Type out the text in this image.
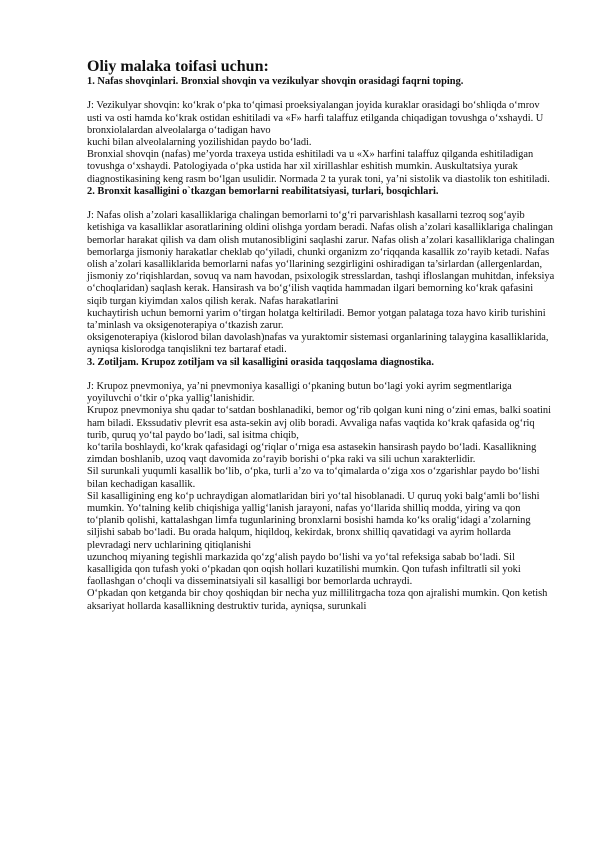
Oliy malaka toifasi uchun:

1. Nafas shovqinlari. Bronxial shovqin va vezikulyar shovqin orasidagi faqrni toping.

J: Vezikulyar shovqin: ko‘krak o‘pka to‘qimasi proeksiyalangan joyida kuraklar orasidagi bo‘shliqda o‘mrov usti va osti hamda ko‘krak ostidan eshitiladi va «F» harfi talaffuz etilganda chiqadigan tovushga o‘xshaydi. U bronxiolalardan alveolalarga o‘tadigan havo

kuchi bilan alveolalarning yozilishidan paydo bo‘ladi.

Bronxial shovqin (nafas) me’yorda traxeya ustida eshitiladi va u «X» harfini talaffuz qilganda eshitiladigan tovushga o‘xshaydi. Patologiyada o‘pka ustida har xil xirillashlar eshitish mumkin. Auskultatsiya yurak diagnostikasining keng rasm bo‘lgan usulidir. Normada 2 ta yurak toni, ya’ni sistolik va diastolik ton eshitiladi.

2. Bronxit kasalligini o`tkazgan bemorlarni reabilitatsiyasi, turlari, bosqichlari.

J: Nafas olish a’zolari kasalliklariga chalingan bemorlarni to‘g‘ri parvarishlash kasallarni tezroq sog‘ayib ketishiga va kasalliklar asoratlarining oldini olishga yordam beradi. Nafas olish a’zolari kasalliklariga chalingan bemorlar harakat qilish va dam olish mutanosibligini saqlashi zarur. Nafas olish a’zolari kasalliklariga chalingan bemorlarga jismoniy harakatlar cheklab qo‘yiladi, chunki organizm zo‘riqqanda kasallik zo‘rayib ketadi. Nafas olish a’zolari kasalliklarida bemorlarni nafas yo‘llarining sezgirligini oshiradigan ta’sirlardan (allergenlardan, jismoniy zo‘riqishlardan, sovuq va nam havodan, psixologik stresslardan, tashqi ifloslangan muhitdan, infeksiya o‘choqlaridan) saqlash kerak. Hansirash va bo‘g‘ilish vaqtida hammadan ilgari bemorning ko‘krak qafasini siqib turgan kiyimdan xalos qilish kerak. Nafas harakatlarini

kuchaytirish uchun bemorni yarim o‘tirgan holatga keltiriladi. Bemor yotgan palataga toza havo kirib turishini ta’minlash va oksigenoterapiya o‘tkazish zarur.

oksigenoterapiya (kislorod bilan davolash)nafas va yuraktomir sistemasi organlarining talaygina kasalliklarida, ayniqsa kislorodga tanqislikni tez bartaraf etadi.

3. Zotiljam. Krupoz zotiljam va sil kasalligini orasida taqqoslama diagnostika.

J: Krupoz pnevmoniya, ya’ni pnevmoniya kasalligi o‘pkaning butun bo‘lagi yoki ayrim segmentlariga yoyiluvchi o‘tkir o‘pka yallig‘lanishidir.

Krupoz pnevmoniya shu qadar to‘satdan boshlanadiki, bemor og‘rib qolgan kuni ning o‘zini emas, balki soatini ham biladi. Ekssudativ plevrit esa asta-sekin avj olib boradi. Avvaliga nafas vaqtida ko‘krak qafasida og‘riq turib, quruq yo‘tal paydo bo‘ladi, sal isitma chiqib,

ko‘tarila boshlaydi, ko‘krak qafasidagi og‘riqlar o‘rniga esa astasekin hansirash paydo bo‘ladi. Kasallikning zimdan boshlanib, uzoq vaqt davomida zo‘rayib borishi o‘pka raki va sili uchun xarakterlidir.

Sil surunkali yuqumli kasallik bo‘lib, o‘pka, turli a’zo va to‘qimalarda o‘ziga xos o‘zgarishlar paydo bo‘lishi bilan kechadigan kasallik.

Sil kasalligining eng ko‘p uchraydigan alomatlaridan biri yo‘tal hisoblanadi. U quruq yoki balg‘amli bo‘lishi mumkin. Yo‘talning kelib chiqishiga yallig‘lanish jarayoni, nafas yo‘llarida shilliq modda, yiring va qon to‘planib qolishi, kattalashgan limfa tugunlarining bronxlarni bosishi hamda ko‘ks oralig‘idagi a’zolarning siljishi sabab bo‘ladi. Bu orada halqum, hiqildoq, kekirdak, bronx shilliq qavatidagi va ayrim hollarda plevradagi nerv uchlarining qitiqlanishi

uzunchoq miyaning tegishli markazida qo‘zg‘alish paydo bo‘lishi va yo‘tal refeksiga sabab bo‘ladi. Sil kasalligida qon tufash yoki o‘pkadan qon oqish hollari kuzatilishi mumkin. Qon tufash infiltratli sil yoki faollashgan o‘choqli va disseminatsiyali sil kasalligi bor bemorlarda uchraydi.

O‘pkadan qon ketganda bir choy qoshiqdan bir necha yuz millilitrgacha toza qon ajralishi mumkin. Qon ketish aksariyat hollarda kasallikning destruktiv turida, ayniqsa, surunkali
